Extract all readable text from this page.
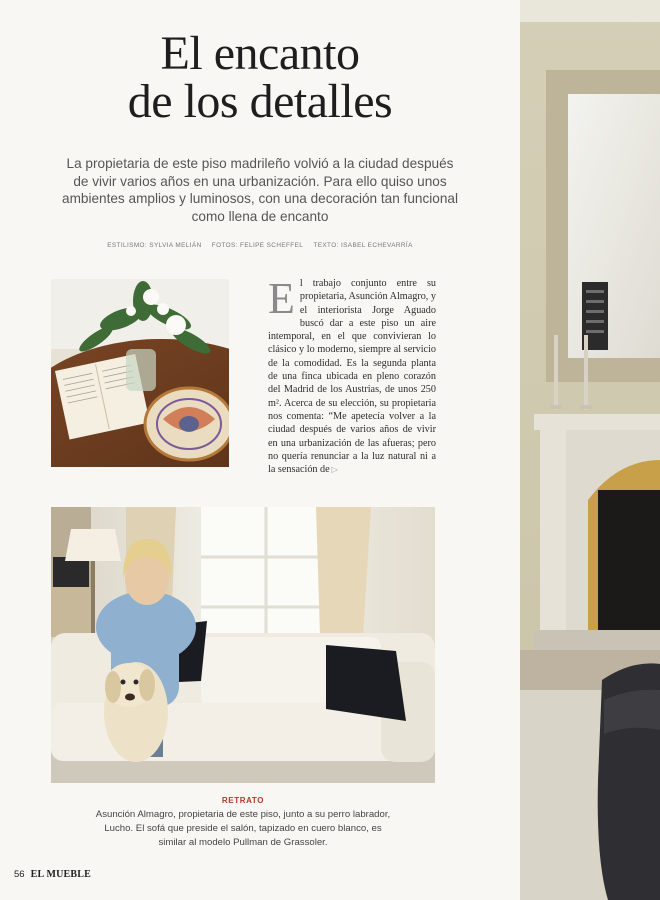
El encanto
de los detalles
La propietaria de este piso madrileño volvió a la ciudad después de vivir varios años en una urbanización. Para ello quiso unos ambientes amplios y luminosos, con una decoración tan funcional como llena de encanto
ESTILISMO: SYLVIA MELIÁN FOTOS: FELIPE SCHEFFEL TEXTO: ISABEL ECHEVARRÍA
El trabajo conjunto entre su propietaria, Asunción Almagro, y el interiorista Jorge Aguado buscó dar a este piso un aire intemporal, en el que convivieran lo clásico y lo moderno, siempre al servicio de la comodidad. Es la segunda planta de una finca ubicada en pleno corazón del Madrid de los Austrias, de unos 250 m². Acerca de su elección, su propietaria nos comenta: “Me apetecía volver a la ciudad después de varios años de vivir en una urbanización de las afueras; pero no quería renunciar a la luz natural ni a la sensación de ▷
RETRATO
Asunción Almagro, propietaria de este piso, junto a su perro labrador, Lucho. El sofá que preside el salón, tapizado en cuero blanco, es similar al modelo Pullman de Grassoler.
56 EL MUEBLE
